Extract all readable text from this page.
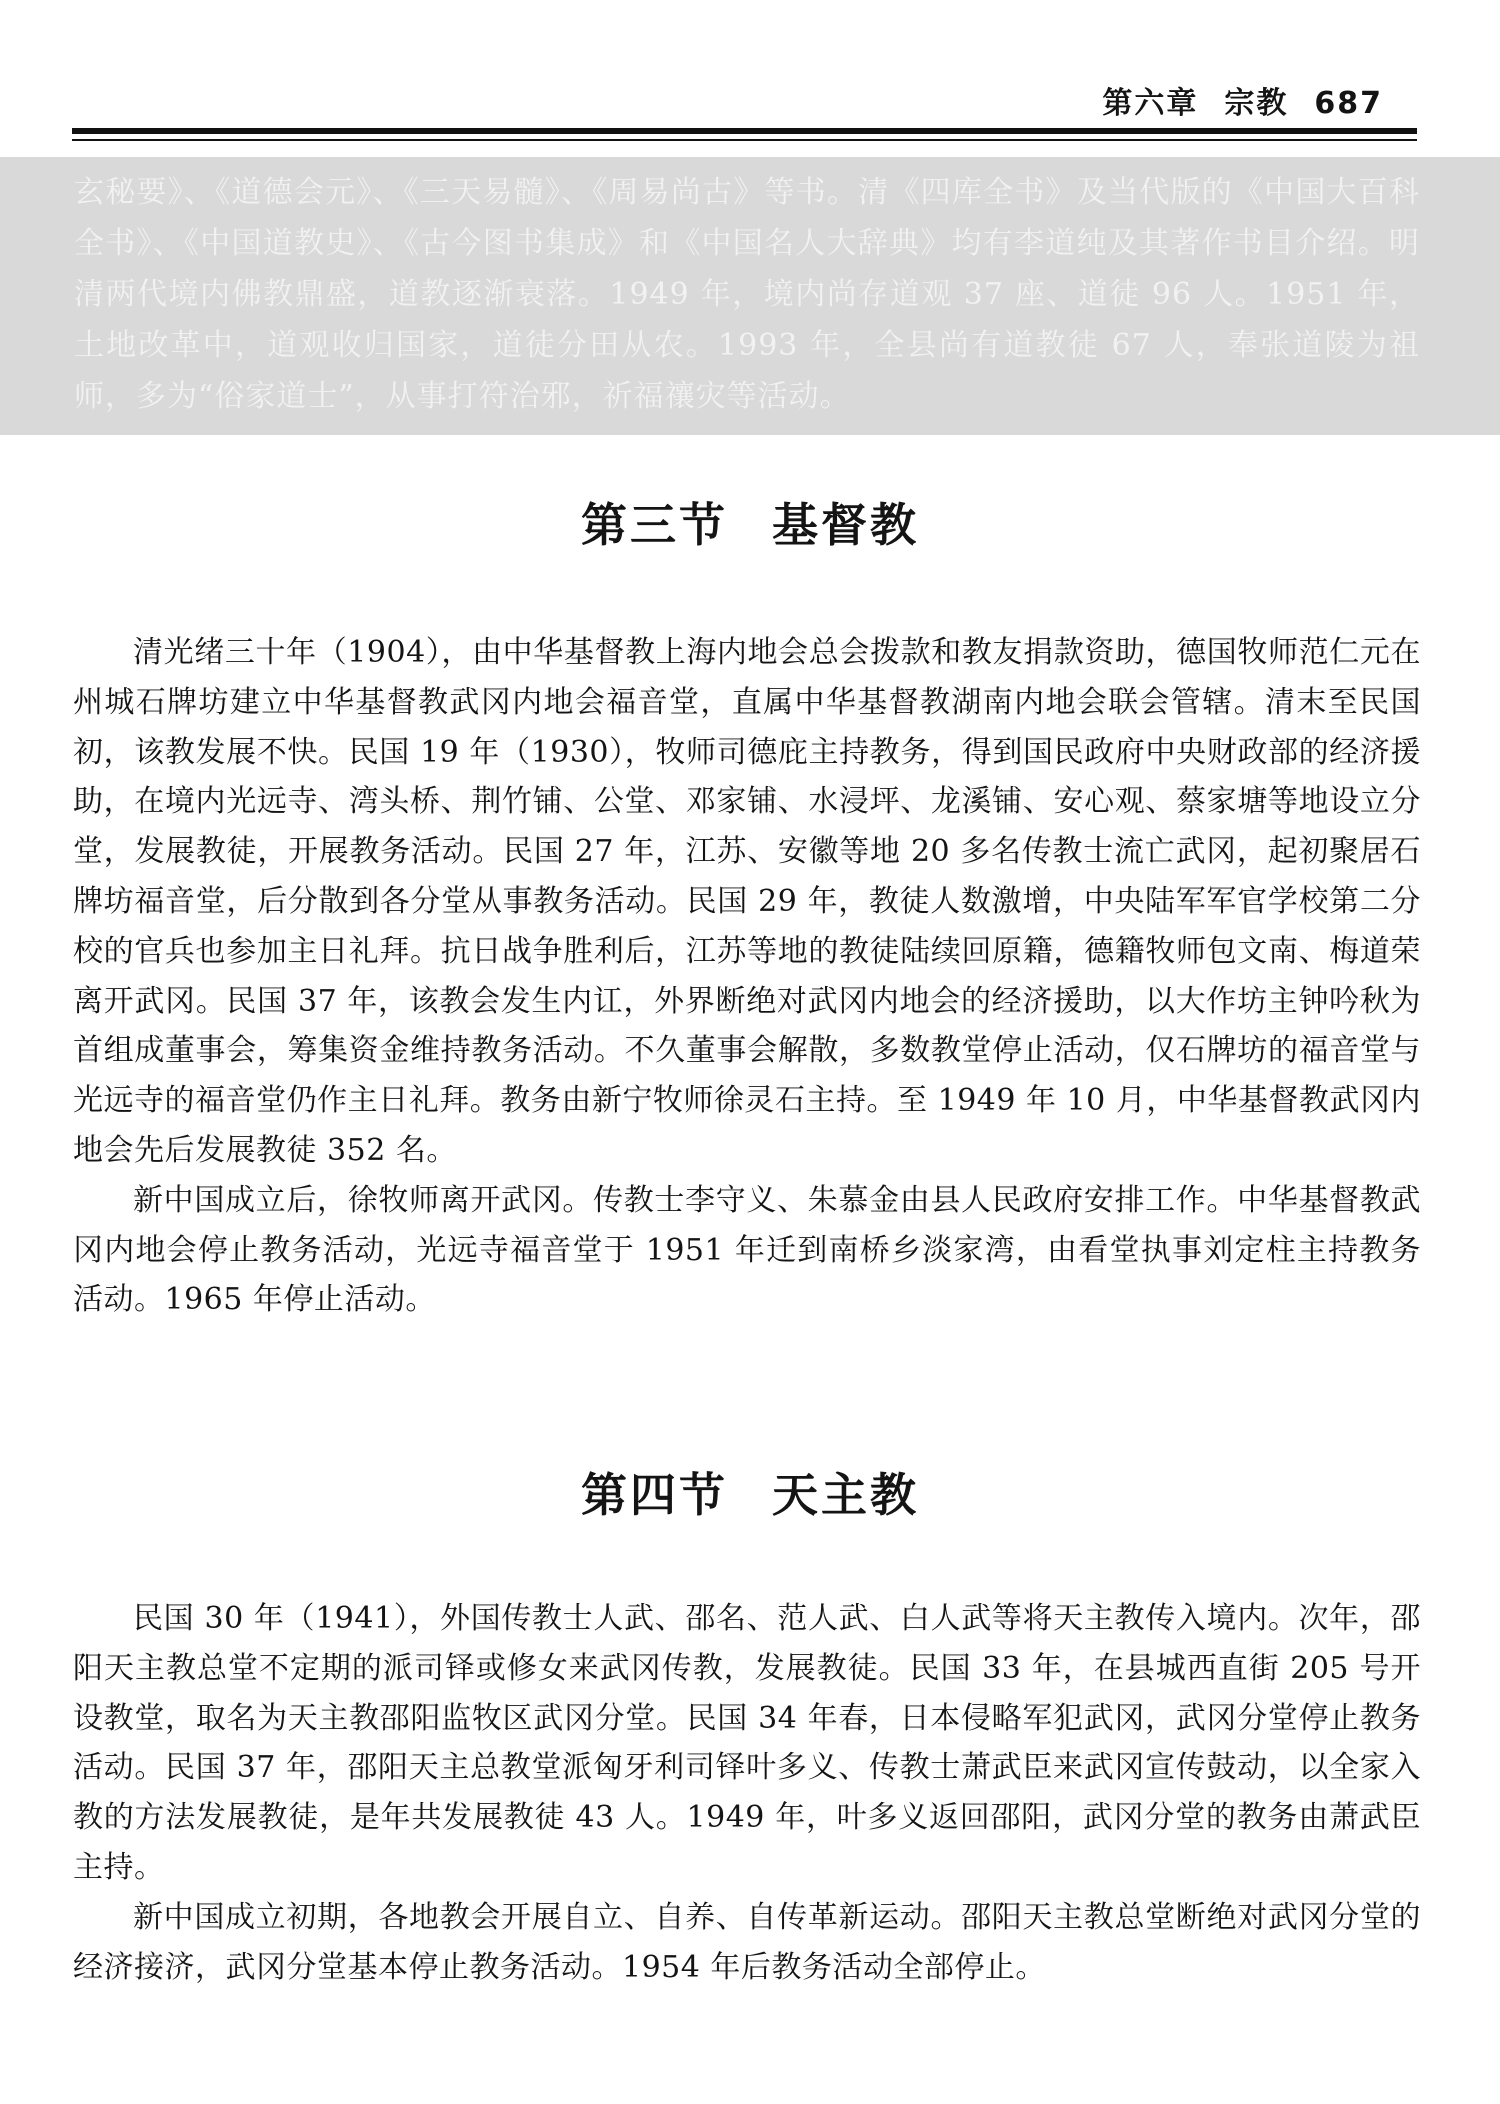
第六章 宗教 687

玄秘要》、《道德会元》、《三天易髓》、《周易尚古》等书。清《四库全书》及当代版的《中国大百科全书》、《中国道教史》、《古今图书集成》和《中国名人大辞典》均有李道纯及其著作书目介绍。明清两代境内佛教鼎盛，道教逐渐衰落。1949 年，境内尚存道观 37 座、道徒 96 人。1951 年，土地改革中，道观收归国家，道徒分田从农。1993 年，全县尚有道教徒 67 人，奉张道陵为祖师，多为“俗家道士”，从事打符治邪，祈福禳灾等活动。

第三节 基督教

清光绪三十年（1904），由中华基督教上海内地会总会拨款和教友捐款资助，德国牧师范仁元在州城石牌坊建立中华基督教武冈内地会福音堂，直属中华基督教湖南内地会联会管辖。清末至民国初，该教发展不快。民国 19 年（1930），牧师司德庇主持教务，得到国民政府中央财政部的经济援助，在境内光远寺、湾头桥、荆竹铺、公堂、邓家铺、水浸坪、龙溪铺、安心观、蔡家塘等地设立分堂，发展教徒，开展教务活动。民国 27 年，江苏、安徽等地 20 多名传教士流亡武冈，起初聚居石牌坊福音堂，后分散到各分堂从事教务活动。民国 29 年，教徒人数激增，中央陆军军官学校第二分校的官兵也参加主日礼拜。抗日战争胜利后，江苏等地的教徒陆续回原籍，德籍牧师包文南、梅道荣离开武冈。民国 37 年，该教会发生内讧，外界断绝对武冈内地会的经济援助，以大作坊主钟吟秋为首组成董事会，筹集资金维持教务活动。不久董事会解散，多数教堂停止活动，仅石牌坊的福音堂与光远寺的福音堂仍作主日礼拜。教务由新宁牧师徐灵石主持。至 1949 年 10 月，中华基督教武冈内地会先后发展教徒 352 名。

新中国成立后，徐牧师离开武冈。传教士李守义、朱慕金由县人民政府安排工作。中华基督教武冈内地会停止教务活动，光远寺福音堂于 1951 年迁到南桥乡淡家湾，由看堂执事刘定柱主持教务活动。1965 年停止活动。

第四节 天主教

民国 30 年（1941），外国传教士人武、邵名、范人武、白人武等将天主教传入境内。次年，邵阳天主教总堂不定期的派司铎或修女来武冈传教，发展教徒。民国 33 年，在县城西直街 205 号开设教堂，取名为天主教邵阳监牧区武冈分堂。民国 34 年春，日本侵略军犯武冈，武冈分堂停止教务活动。民国 37 年，邵阳天主总教堂派匈牙利司铎叶多义、传教士萧武臣来武冈宣传鼓动，以全家入教的方法发展教徒，是年共发展教徒 43 人。1949 年，叶多义返回邵阳，武冈分堂的教务由萧武臣主持。

新中国成立初期，各地教会开展自立、自养、自传革新运动。邵阳天主教总堂断绝对武冈分堂的经济接济，武冈分堂基本停止教务活动。1954 年后教务活动全部停止。
